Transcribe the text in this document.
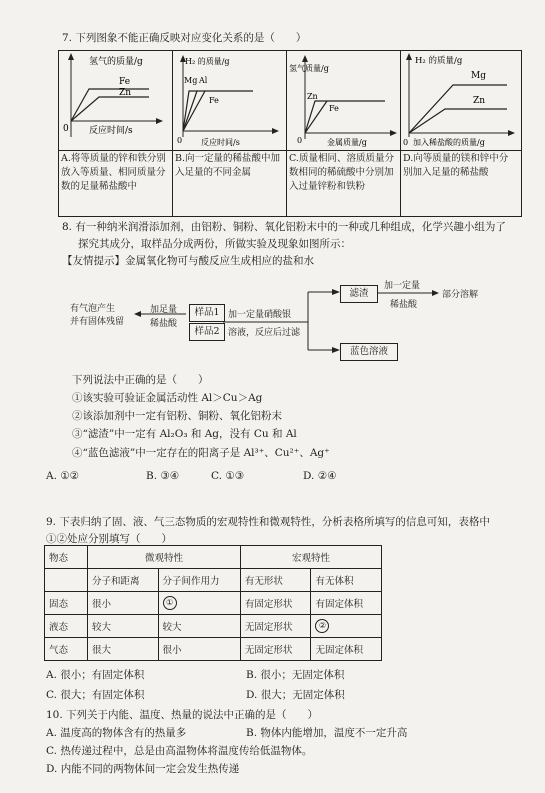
7. 下列图象不能正确反映对应变化关系的是（　　）
氢气的质量/g
Fe
Zn
0 反应时间/s
H₂ 的质量/g
Mg Al
Fe
0 反应时间/s
氢气质量/g
Zn
Fe
0	金属质量/g
H₂ 的质量/g
Mg
Zn
0 加入稀盐酸的质量/g
A.将等质量的锌和铁分别放入等质量、相同质量分数的足量稀盐酸中
B.向一定量的稀盐酸中加入足量的不同金属
C.质量相同、溶质质量分数相同的稀硫酸中分别加入过量锌粉和铁粉
D.向等质量的镁和锌中分别加入足量的稀盐酸
8. 有一种纳米润滑添加剂，由铝粉、铜粉、氧化铝粉末中的一种或几种组成，化学兴趣小组为了
探究其成分，取样品分成两份，所做实验及现象如图所示：
【友情提示】金属氧化物可与酸反应生成相应的盐和水
有气泡产生
并有固体残留
加足量
稀盐酸
样品1
样品2
加一定量硝酸银
溶液，反应后过滤
滤渣
加一定量
稀盐酸
部分溶解
蓝色溶液
下列说法中正确的是（　　）
①该实验可验证金属活动性 Al＞Cu＞Ag
②该添加剂中一定有铝粉、铜粉、氧化铝粉末
③“滤渣”中一定有 Al₂O₃ 和 Ag，没有 Cu 和 Al
④“蓝色滤液”中一定存在的阳离子是 Al³⁺、Cu²⁺、Ag⁺
A. ①②	B. ③④	C. ①③	D. ②④
9. 下表归纳了固、液、气三态物质的宏观特性和微观特性，分析表格所填写的信息可知，表格中
①②处应分别填写（　　）
物态	微观特性		宏观特性	
	分子和距离	分子间作用力	有无形状	有无体积
固态	很小	①	有固定形状	有固定体积
液态	较大	较大	无固定形状	②
气态	很大	很小	无固定形状	无固定体积
A. 很小；有固定体积	B. 很小；无固定体积
C. 很大；有固定体积	D. 很大；无固定体积
10. 下列关于内能、温度、热量的说法中正确的是（　　）
A. 温度高的物体含有的热量多	B. 物体内能增加，温度不一定升高
C. 热传递过程中，总是由高温物体将温度传给低温物体。
D. 内能不同的两物体间一定会发生热传递
